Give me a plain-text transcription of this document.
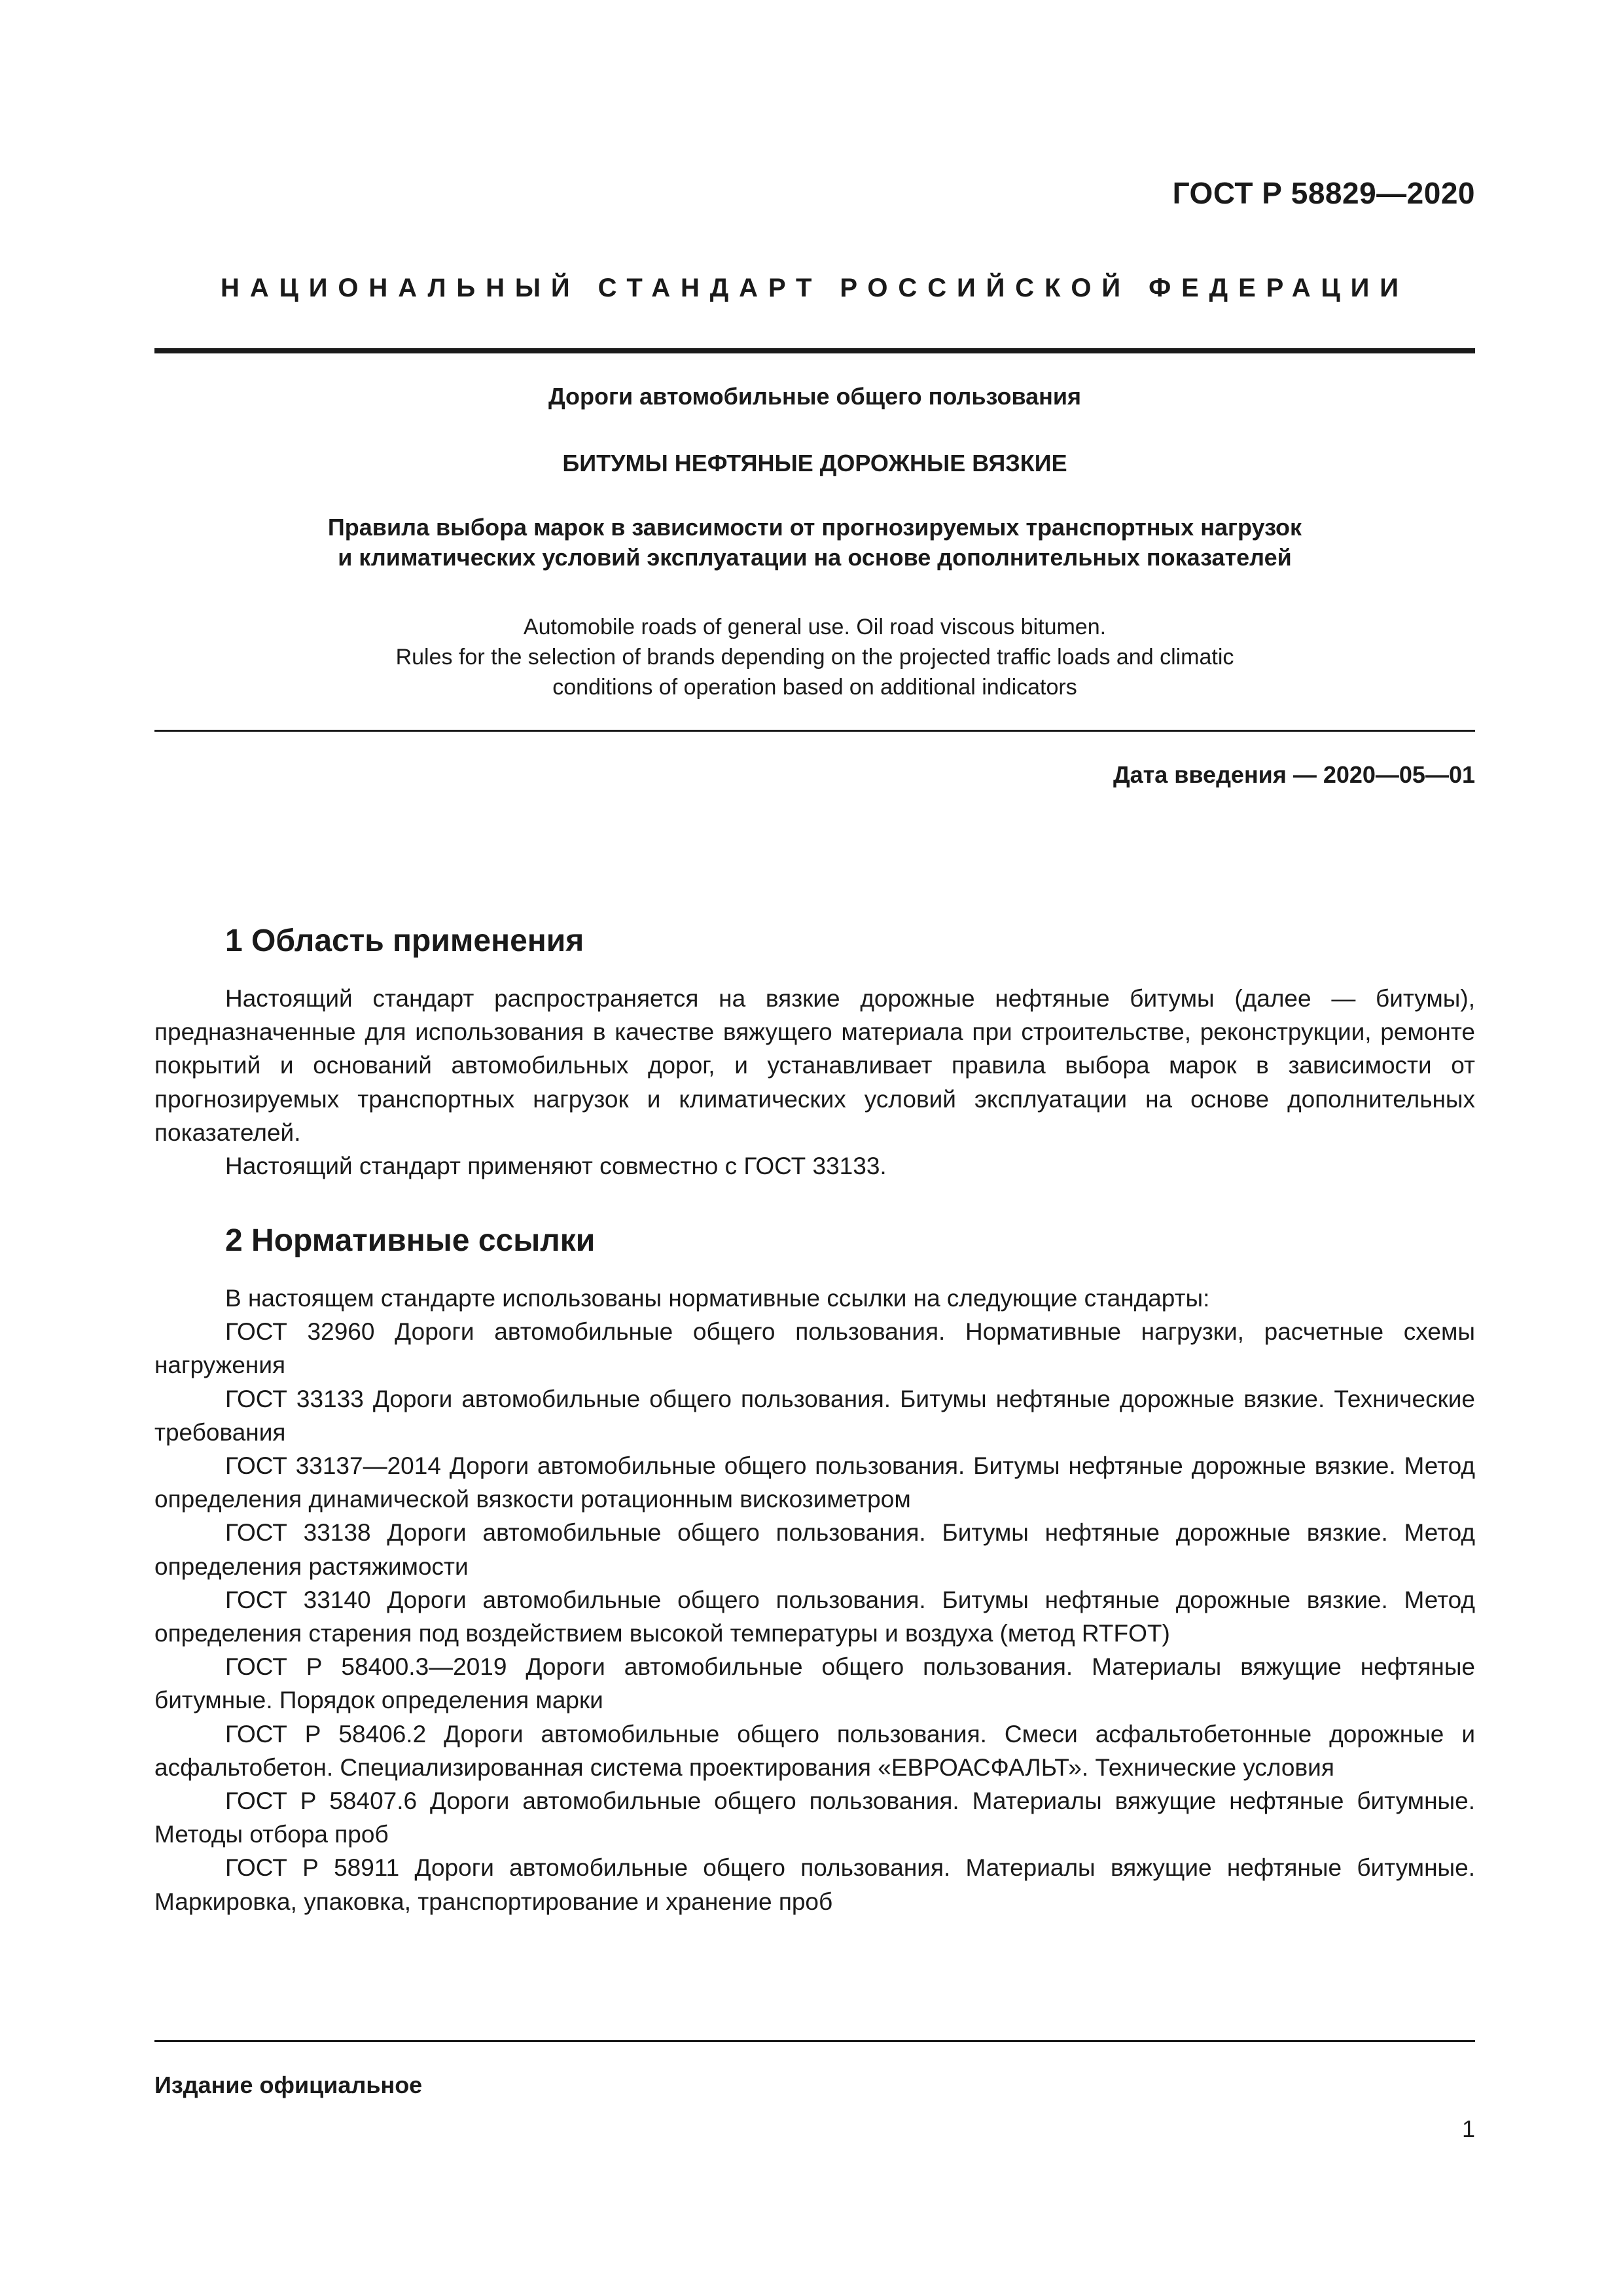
ГОСТ Р 58829—2020
НАЦИОНАЛЬНЫЙ СТАНДАРТ РОССИЙСКОЙ ФЕДЕРАЦИИ
Дороги автомобильные общего пользования
БИТУМЫ НЕФТЯНЫЕ ДОРОЖНЫЕ ВЯЗКИЕ
Правила выбора марок в зависимости от прогнозируемых транспортных нагрузок
и климатических условий эксплуатации на основе дополнительных показателей
Automobile roads of general use. Oil road viscous bitumen.
Rules for the selection of brands depending on the projected traffic loads and climatic
conditions of operation based on additional indicators
Дата введения — 2020—05—01
1 Область применения

Настоящий стандарт распространяется на вязкие дорожные нефтяные битумы (далее — битумы), предназначенные для использования в качестве вяжущего материала при строительстве, реконструкции, ремонте покрытий и оснований автомобильных дорог, и устанавливает правила выбора марок в зависимости от прогнозируемых транспортных нагрузок и климатических условий эксплуатации на основе дополнительных показателей.

Настоящий стандарт применяют совместно с ГОСТ 33133.

2 Нормативные ссылки

В настоящем стандарте использованы нормативные ссылки на следующие стандарты:

ГОСТ 32960 Дороги автомобильные общего пользования. Нормативные нагрузки, расчетные схемы нагружения

ГОСТ 33133 Дороги автомобильные общего пользования. Битумы нефтяные дорожные вязкие. Технические требования

ГОСТ 33137—2014 Дороги автомобильные общего пользования. Битумы нефтяные дорожные вязкие. Метод определения динамической вязкости ротационным вискозиметром

ГОСТ 33138 Дороги автомобильные общего пользования. Битумы нефтяные дорожные вязкие. Метод определения растяжимости

ГОСТ 33140 Дороги автомобильные общего пользования. Битумы нефтяные дорожные вязкие. Метод определения старения под воздействием высокой температуры и воздуха (метод RTFOT)

ГОСТ Р 58400.3—2019 Дороги автомобильные общего пользования. Материалы вяжущие нефтяные битумные. Порядок определения марки

ГОСТ Р 58406.2 Дороги автомобильные общего пользования. Смеси асфальтобетонные дорожные и асфальтобетон. Специализированная система проектирования «ЕВРОАСФАЛЬТ». Технические условия

ГОСТ Р 58407.6 Дороги автомобильные общего пользования. Материалы вяжущие нефтяные битумные. Методы отбора проб

ГОСТ Р 58911 Дороги автомобильные общего пользования. Материалы вяжущие нефтяные битумные. Маркировка, упаковка, транспортирование и хранение проб

Издание официальное
1
